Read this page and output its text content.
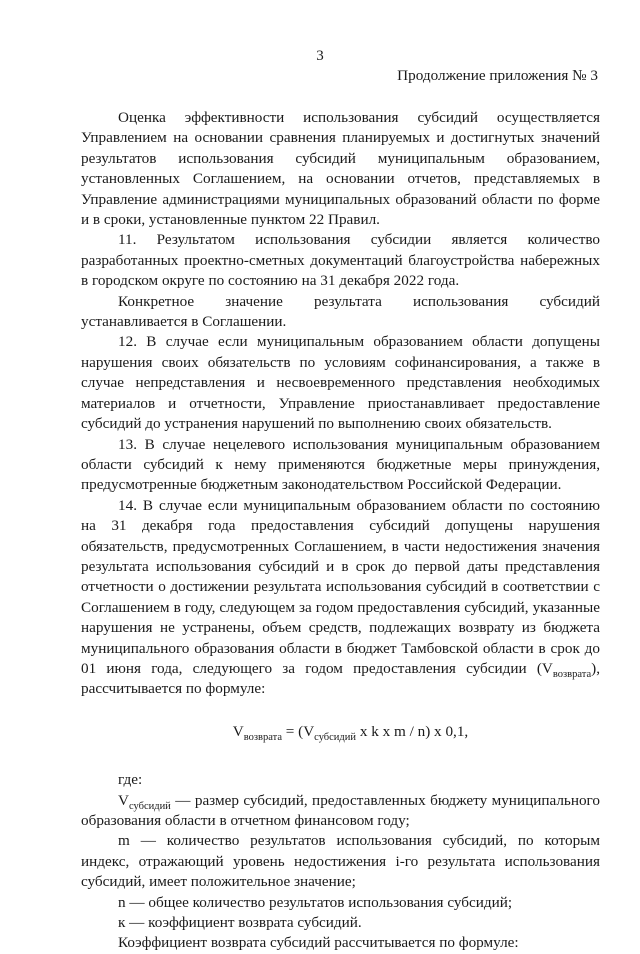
3
Продолжение приложения № 3

Оценка эффективности использования субсидий осуществляется Управлением на основании сравнения планируемых и достигнутых значений результатов использования субсидий муниципальным образованием, установленных Соглашением, на основании отчетов, представляемых в Управление администрациями муниципальных образований области по форме и в сроки, установленные пунктом 22 Правил.

11. Результатом использования субсидии является количество разработанных проектно-сметных документаций благоустройства набережных в городском округе по состоянию на 31 декабря 2022 года.

Конкретное значение результата использования субсидий устанавливается в Соглашении.

12. В случае если муниципальным образованием области допущены нарушения своих обязательств по условиям софинансирования, а также в случае непредставления и несвоевременного представления необходимых материалов и отчетности, Управление приостанавливает предоставление субсидий до устранения нарушений по выполнению своих обязательств.

13. В случае нецелевого использования муниципальным образованием области субсидий к нему применяются бюджетные меры принуждения, предусмотренные бюджетным законодательством Российской Федерации.

14. В случае если муниципальным образованием области по состоянию на 31 декабря года предоставления субсидий допущены нарушения обязательств, предусмотренных Соглашением, в части недостижения значения результата использования субсидий и в срок до первой даты представления отчетности о достижении результата использования субсидий в соответствии с Соглашением в году, следующем за годом предоставления субсидий, указанные нарушения не устранены, объем средств, подлежащих возврату из бюджета муниципального образования области в бюджет Тамбовской области в срок до 01 июня года, следующего за годом предоставления субсидии $(V_{возврата})$, рассчитывается по формуле:

$V_{возврата} = (V_{субсидий}$ x k x m / n) x 0,1,

где:

$V_{субсидий}$ — размер субсидий, предоставленных бюджету муниципального образования области в отчетном финансовом году;

m — количество результатов использования субсидий, по которым индекс, отражающий уровень недостижения i-го результата использования субсидий, имеет положительное значение;

n — общее количество результатов использования субсидий;

к — коэффициент возврата субсидий.

Коэффициент возврата субсидий рассчитывается по формуле:
